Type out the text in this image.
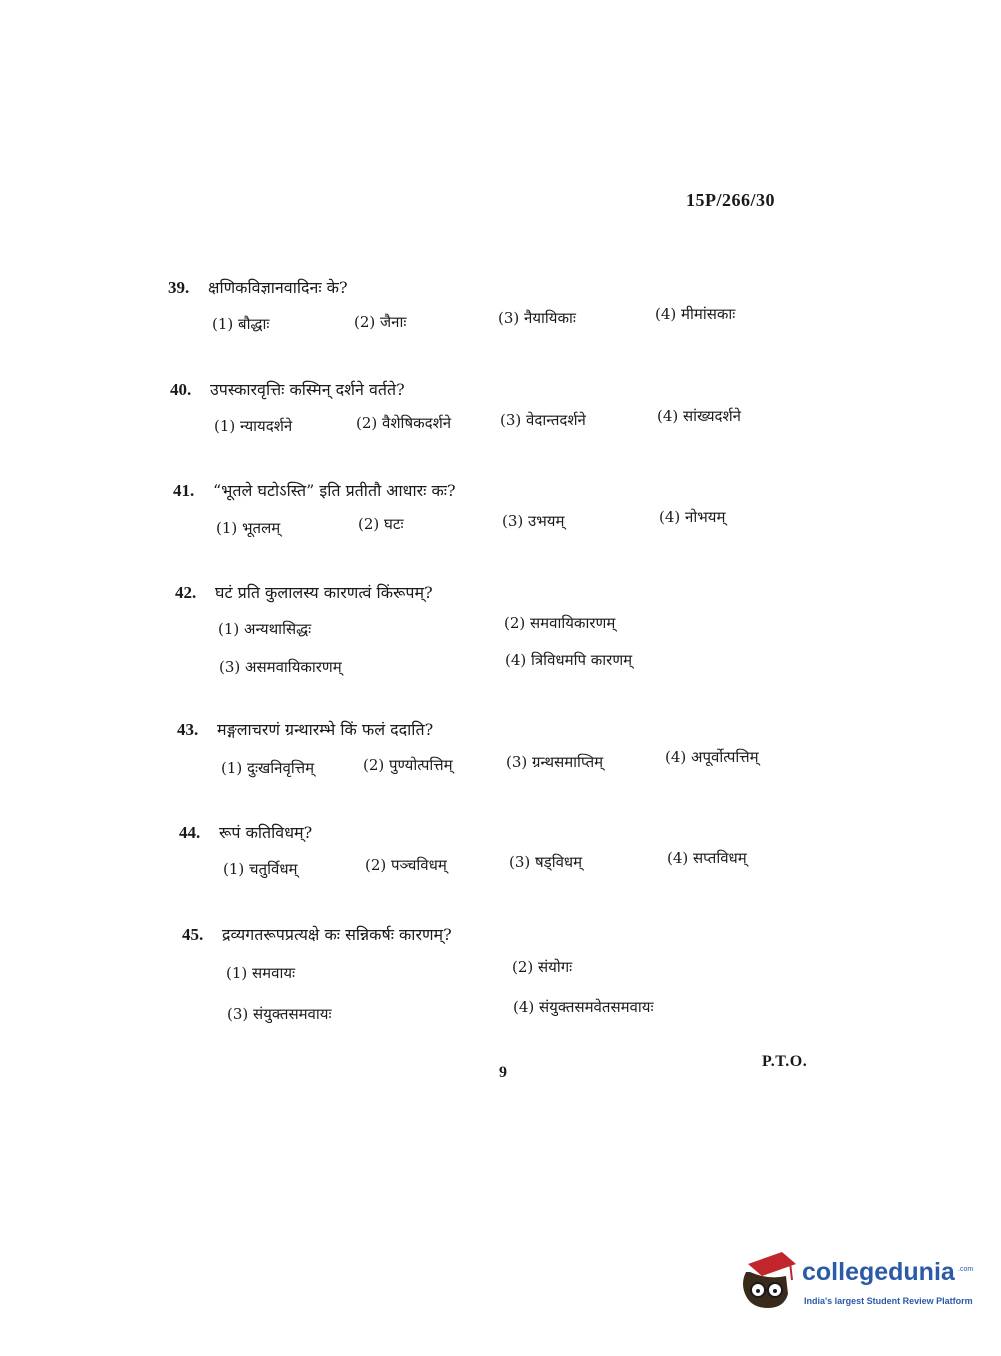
15P/266/30
39. क्षणिकविज्ञानवादिनः के?
(1) बौद्धाः	(2) जैनाः	(3) नैयायिकाः	(4) मीमांसकाः
40. उपस्कारवृत्तिः कस्मिन् दर्शने वर्तते?
(1) न्यायदर्शने	(2) वैशेषिकदर्शने	(3) वेदान्तदर्शने	(4) सांख्यदर्शने
41. “भूतले घटोऽस्ति” इति प्रतीतौ आधारः कः?
(1) भूतलम्	(2) घटः	(3) उभयम्	(4) नोभयम्
42. घटं प्रति कुलालस्य कारणत्वं किंरूपम्?
(1) अन्यथासिद्धः	(2) समवायिकारणम्
(3) असमवायिकारणम्	(4) त्रिविधमपि कारणम्
43. मङ्गलाचरणं ग्रन्थारम्भे किं फलं ददाति?
(1) दुःखनिवृत्तिम्	(2) पुण्योत्पत्तिम्	(3) ग्रन्थसमाप्तिम्	(4) अपूर्वोत्पत्तिम्
44. रूपं कतिविधम्?
(1) चतुर्विधम्	(2) पञ्चविधम्	(3) षड्विधम्	(4) सप्तविधम्
45. द्रव्यगतरूपप्रत्यक्षे कः सन्निकर्षः कारणम्?
(1) समवायः	(2) संयोगः
(3) संयुक्तसमवायः	(4) संयुक्तसमवेतसमवायः
9
P.T.O.
collegedunia .com
India's largest Student Review Platform
